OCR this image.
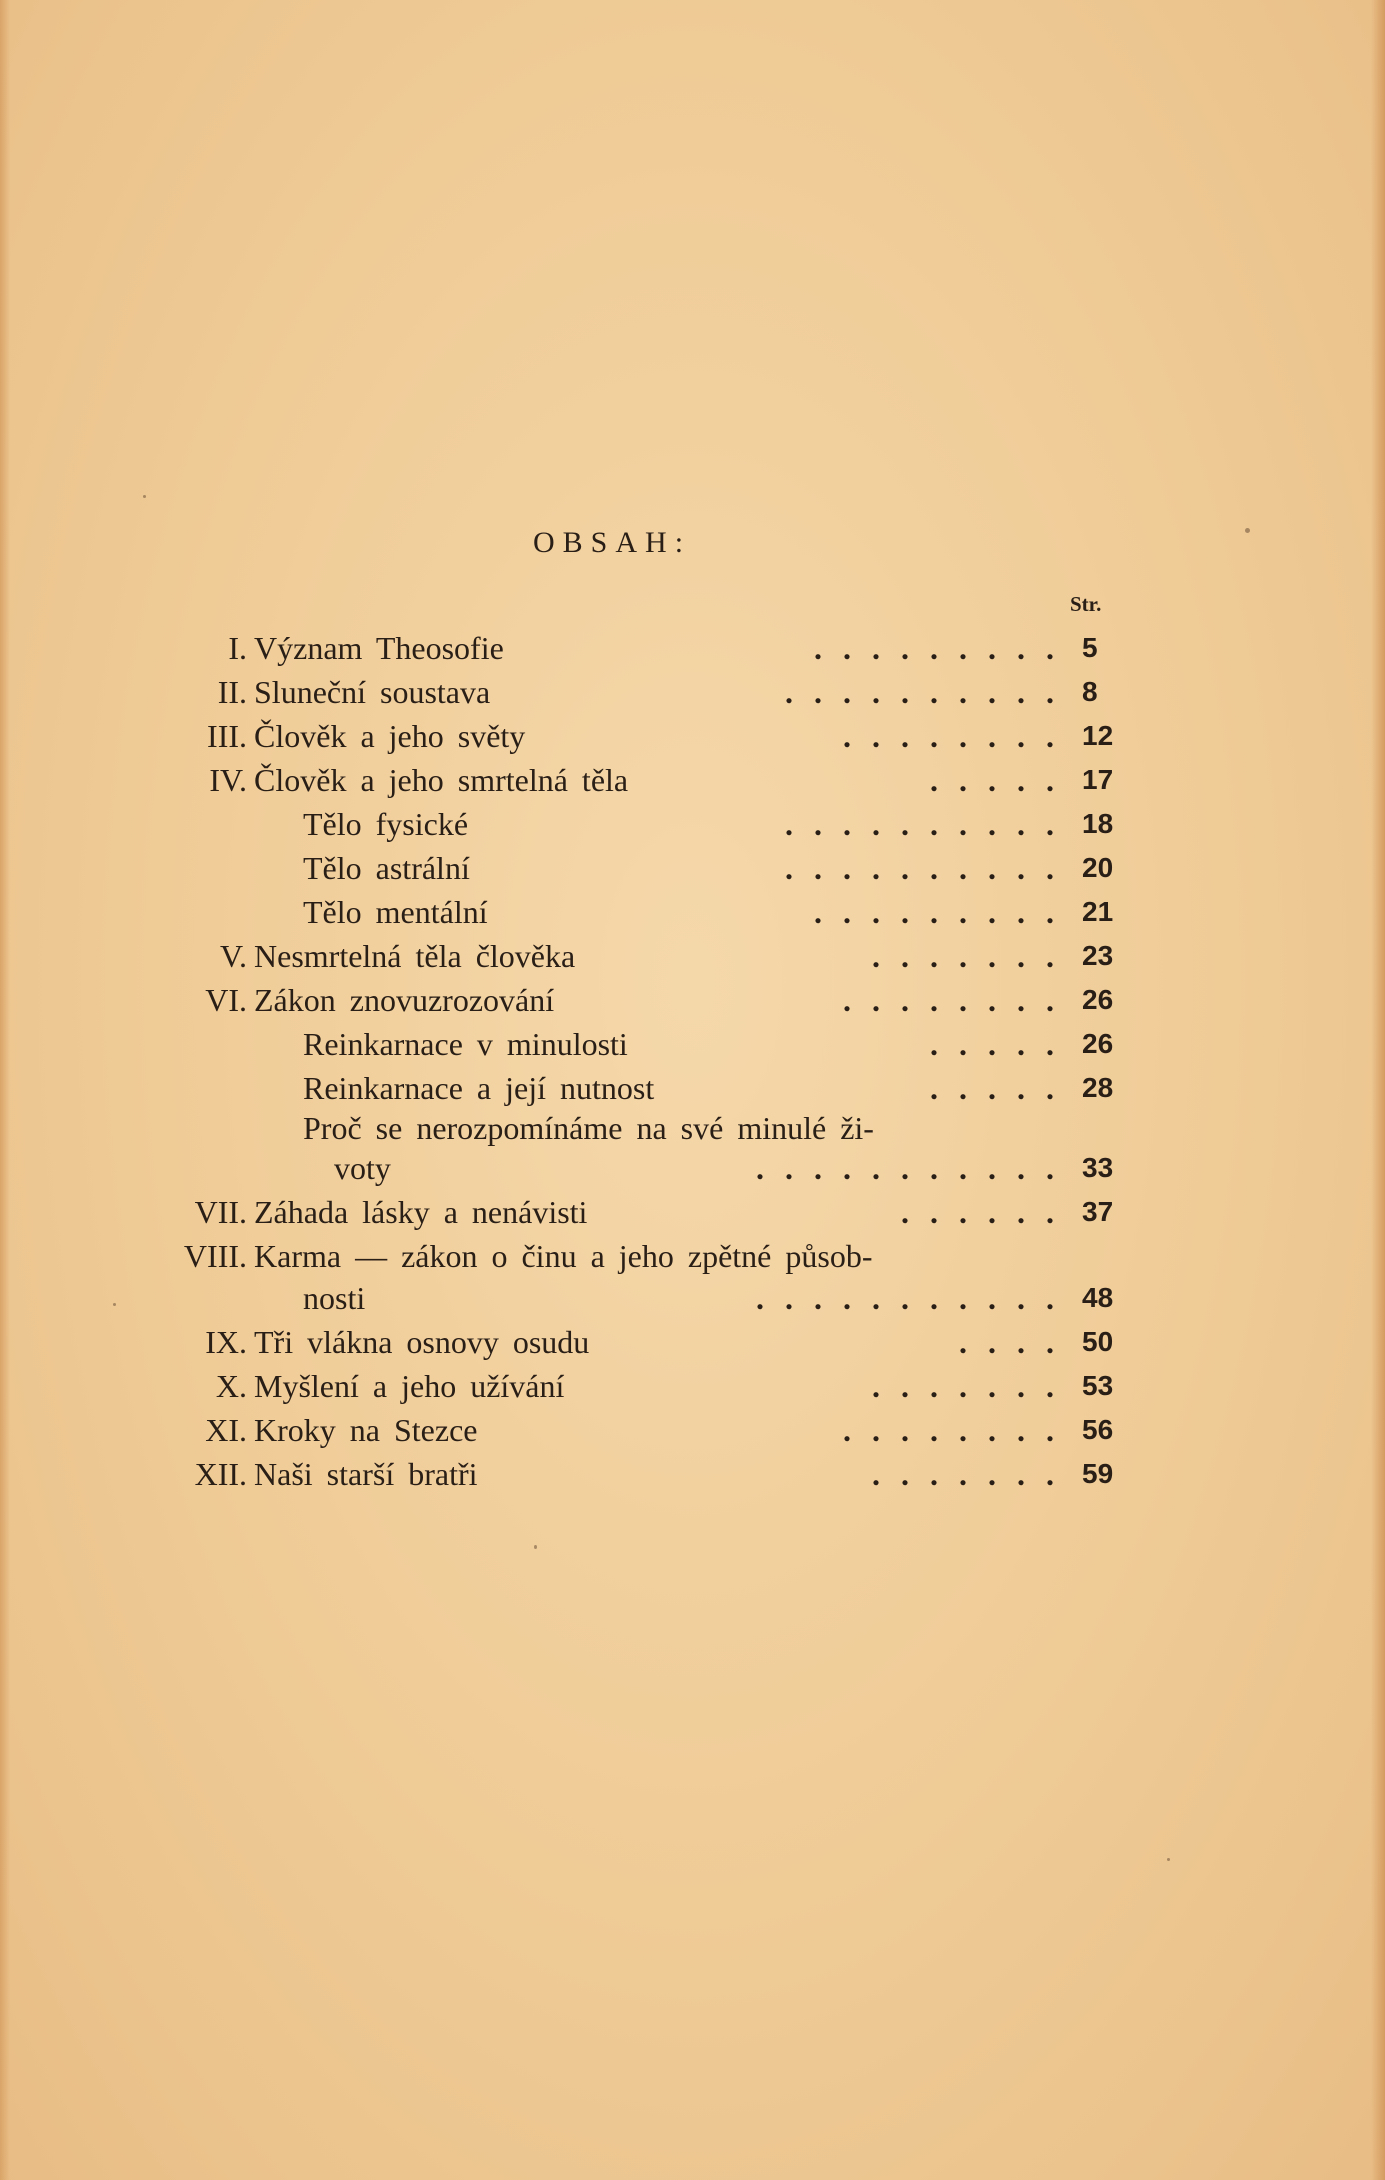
OBSAH:
Str.
I. Význam Theosofie	......... 5
II. Sluneční soustava	.......... 8
III. Člověk a jeho světy	........ 12
IV. Člověk a jeho smrtelná těla	..... 17
Tělo fysické	.......... 18
Tělo astrální	.......... 20
Tělo mentální	......... 21
V. Nesmrtelná těla člověka	....... 23
VI. Zákon znovuzrozování	........ 26
Reinkarnace v minulosti	..... 26
Reinkarnace a její nutnost	..... 28
Proč se nerozpomínáme na své minulé ži-
voty	........... 33
VII. Záhada lásky a nenávisti	...... 37
VIII. Karma — zákon o činu a jeho zpětné působ-
nosti	........... 48
IX. Tři vlákna osnovy osudu	.... 50
X. Myšlení a jeho užívání	....... 53
XI. Kroky na Stezce	........ 56
XII. Naši starší bratři	....... 59
